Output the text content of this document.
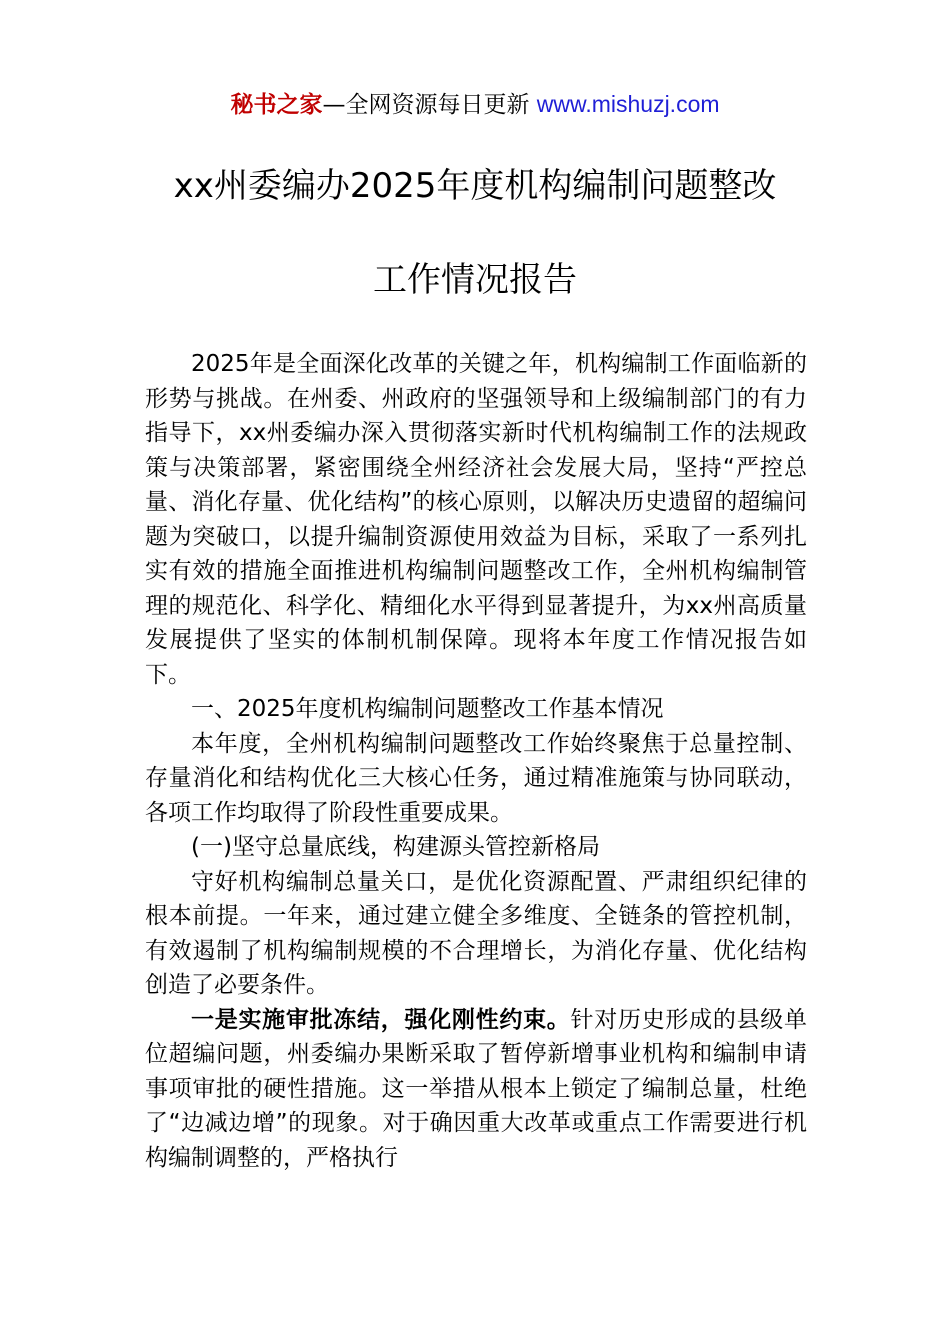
秘书之家—全网资源每日更新 www.mishuzj.com
xx州委编办2025年度机构编制问题整改
工作情况报告

2025年是全面深化改革的关键之年，机构编制工作面临新的形势与挑战。在州委、州政府的坚强领导和上级编制部门的有力指导下，xx州委编办深入贯彻落实新时代机构编制工作的法规政策与决策部署，紧密围绕全州经济社会发展大局，坚持“严控总量、消化存量、优化结构”的核心原则，以解决历史遗留的超编问题为突破口，以提升编制资源使用效益为目标，采取了一系列扎实有效的措施全面推进机构编制问题整改工作，全州机构编制管理的规范化、科学化、精细化水平得到显著提升，为xx州高质量发展提供了坚实的体制机制保障。现将本年度工作情况报告如下。

一、2025年度机构编制问题整改工作基本情况

本年度，全州机构编制问题整改工作始终聚焦于总量控制、存量消化和结构优化三大核心任务，通过精准施策与协同联动，各项工作均取得了阶段性重要成果。

(一)坚守总量底线，构建源头管控新格局

守好机构编制总量关口，是优化资源配置、严肃组织纪律的根本前提。一年来，通过建立健全多维度、全链条的管控机制，有效遏制了机构编制规模的不合理增长，为消化存量、优化结构创造了必要条件。

一是实施审批冻结，强化刚性约束。针对历史形成的县级单位超编问题，州委编办果断采取了暂停新增事业机构和编制申请事项审批的硬性措施。这一举措从根本上锁定了编制总量，杜绝了“边减边增”的现象。对于确因重大改革或重点工作需要进行机构编制调整的，严格执行
